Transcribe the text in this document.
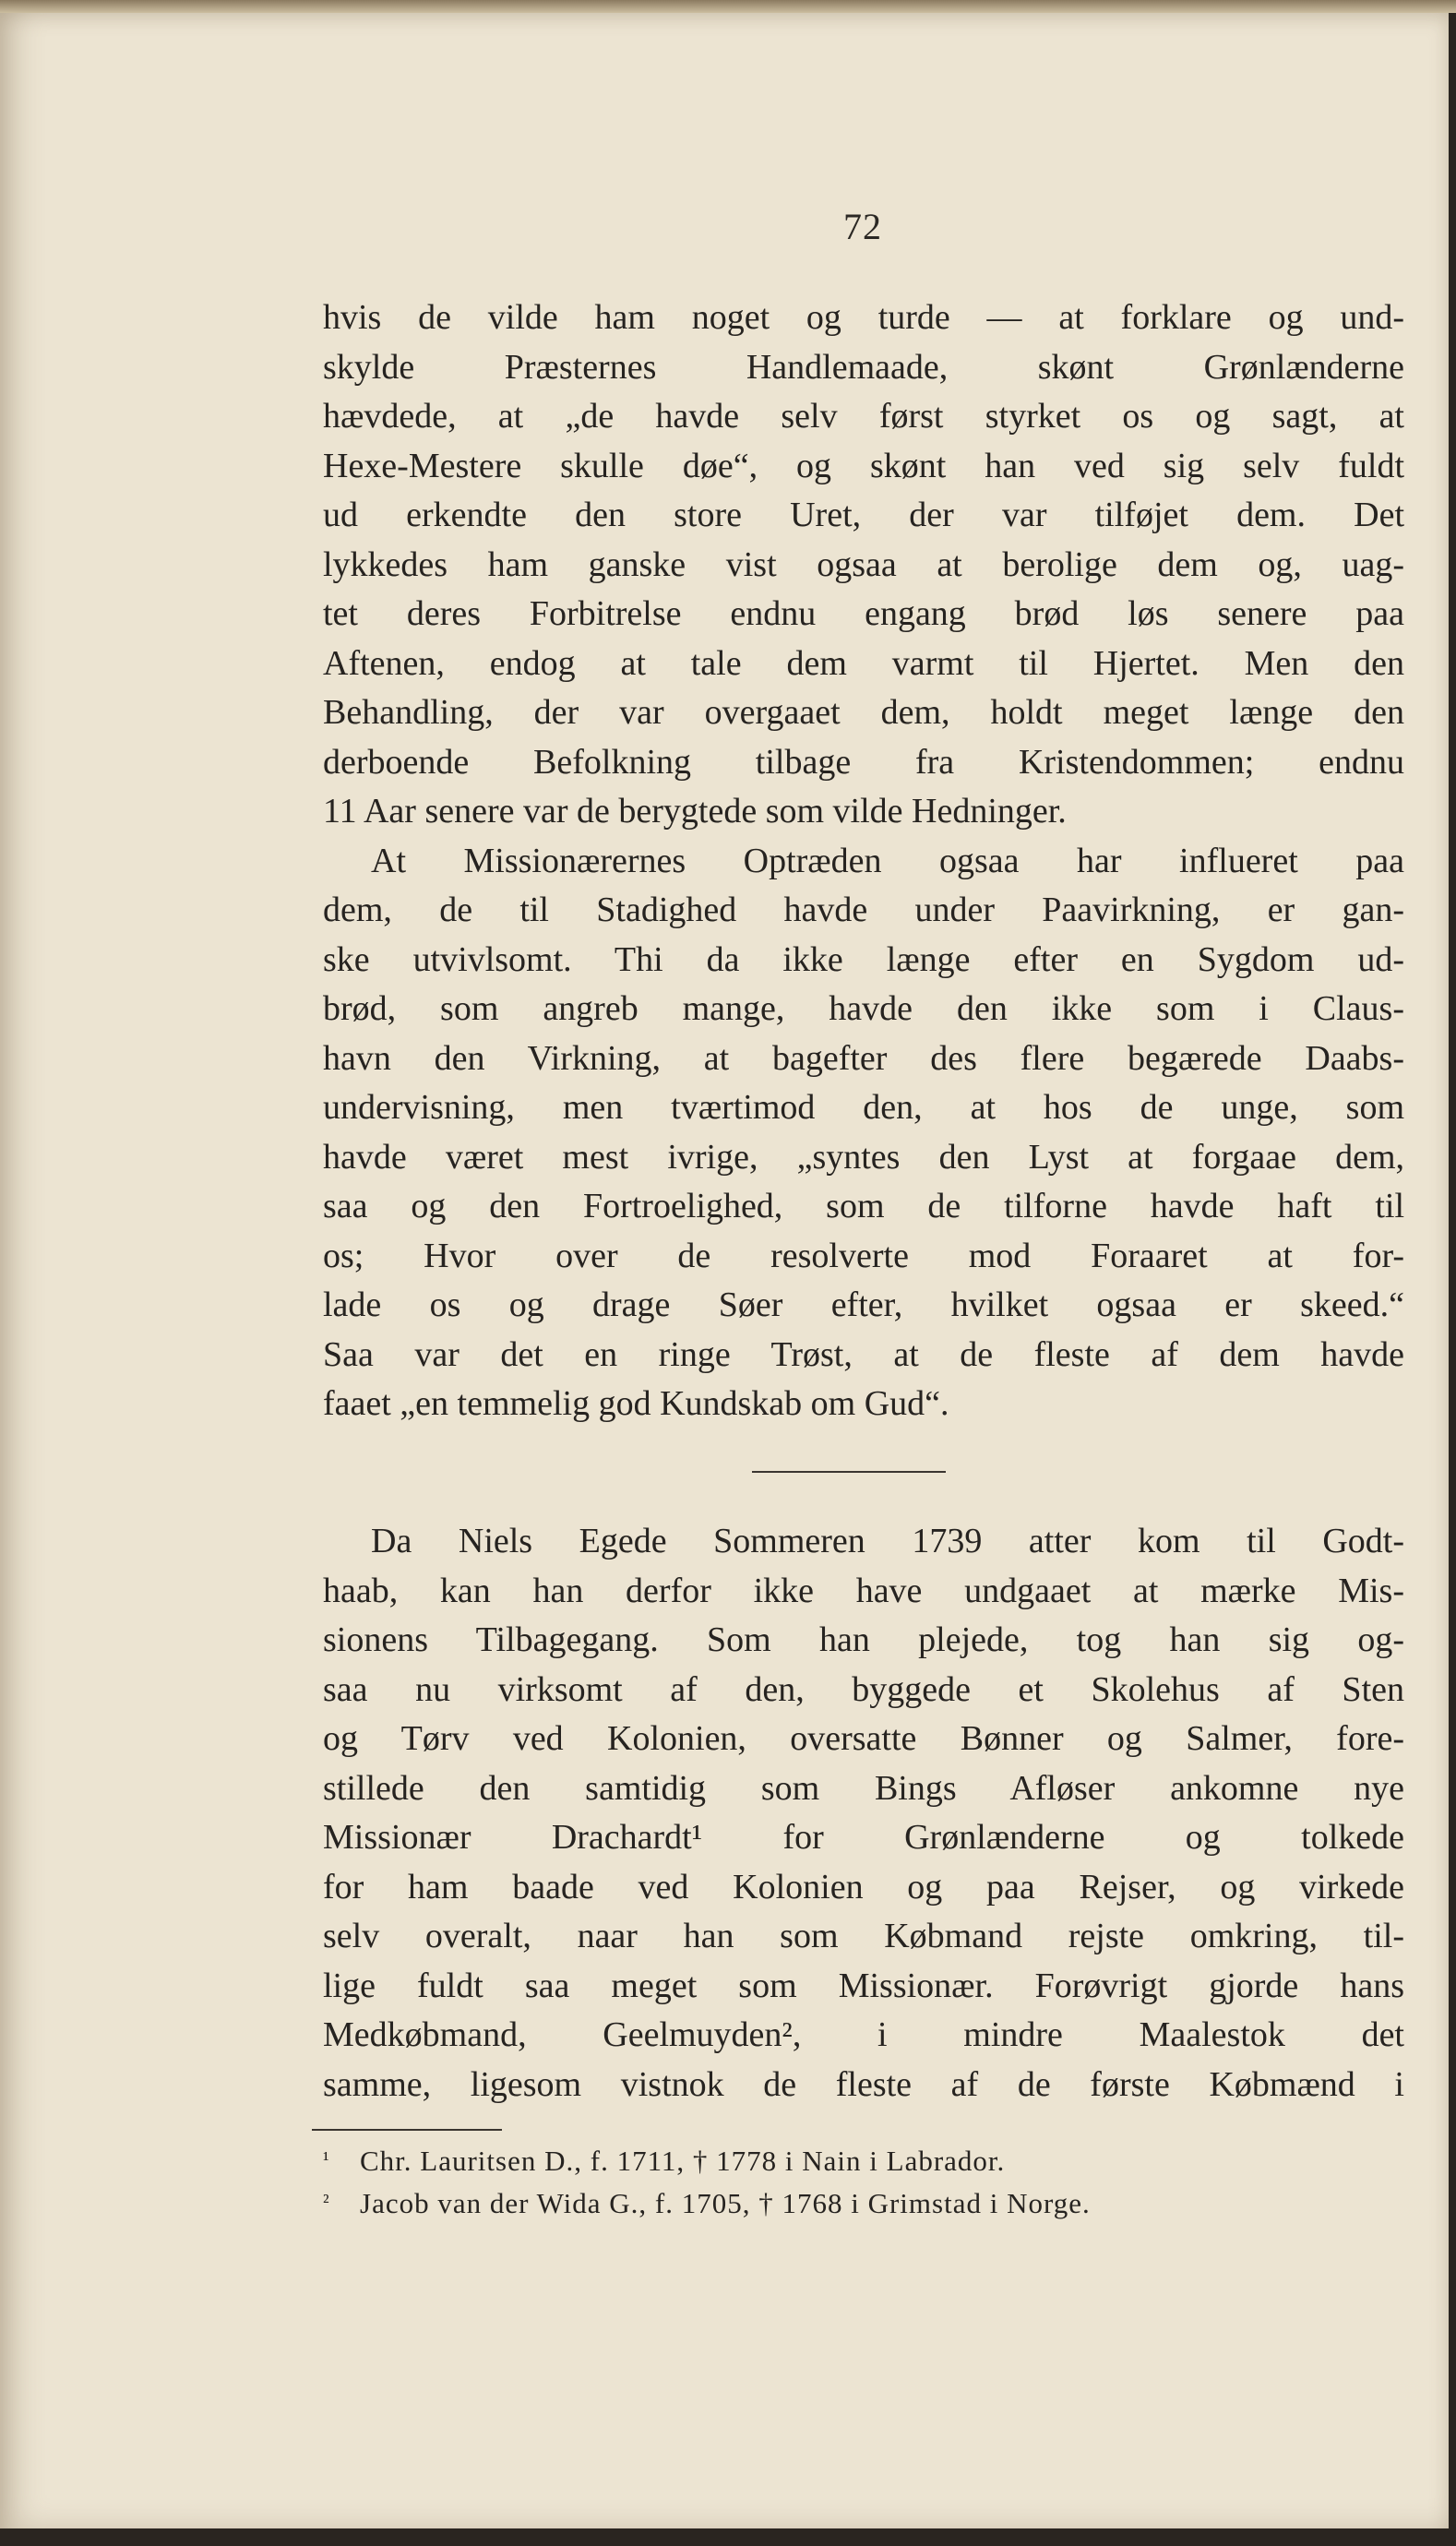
72
hvis de vilde ham noget og turde — at forklare og und-
skylde Præsternes Handlemaade, skønt Grønlænderne
hævdede, at „de havde selv først styrket os og sagt, at
Hexe-Mestere skulle døe“, og skønt han ved sig selv fuldt
ud erkendte den store Uret, der var tilføjet dem. Det
lykkedes ham ganske vist ogsaa at berolige dem og, uag-
tet deres Forbitrelse endnu engang brød løs senere paa
Aftenen, endog at tale dem varmt til Hjertet. Men den
Behandling, der var overgaaet dem, holdt meget længe den
derboende Befolkning tilbage fra Kristendommen; endnu
11 Aar senere var de berygtede som vilde Hedninger.
At Missionærernes Optræden ogsaa har influeret paa
dem, de til Stadighed havde under Paavirkning, er gan-
ske utvivlsomt. Thi da ikke længe efter en Sygdom ud-
brød, som angreb mange, havde den ikke som i Claus-
havn den Virkning, at bagefter des flere begærede Daabs-
undervisning, men tværtimod den, at hos de unge, som
havde været mest ivrige, „syntes den Lyst at forgaae dem,
saa og den Fortroelighed, som de tilforne havde haft til
os; Hvor over de resolverte mod Foraaret at for-
lade os og drage Søer efter, hvilket ogsaa er skeed.“
Saa var det en ringe Trøst, at de fleste af dem havde
faaet „en temmelig god Kundskab om Gud“.
Da Niels Egede Sommeren 1739 atter kom til Godt-
haab, kan han derfor ikke have undgaaet at mærke Mis-
sionens Tilbagegang. Som han plejede, tog han sig og-
saa nu virksomt af den, byggede et Skolehus af Sten
og Tørv ved Kolonien, oversatte Bønner og Salmer, fore-
stillede den samtidig som Bings Afløser ankomne nye
Missionær Drachardt¹ for Grønlænderne og tolkede
for ham baade ved Kolonien og paa Rejser, og virkede
selv overalt, naar han som Købmand rejste omkring, til-
lige fuldt saa meget som Missionær. Forøvrigt gjorde hans
Medkøbmand, Geelmuyden², i mindre Maalestok det
samme, ligesom vistnok de fleste af de første Købmænd i
¹ Chr. Lauritsen D., f. 1711, † 1778 i Nain i Labrador.
² Jacob van der Wida G., f. 1705, † 1768 i Grimstad i Norge.
